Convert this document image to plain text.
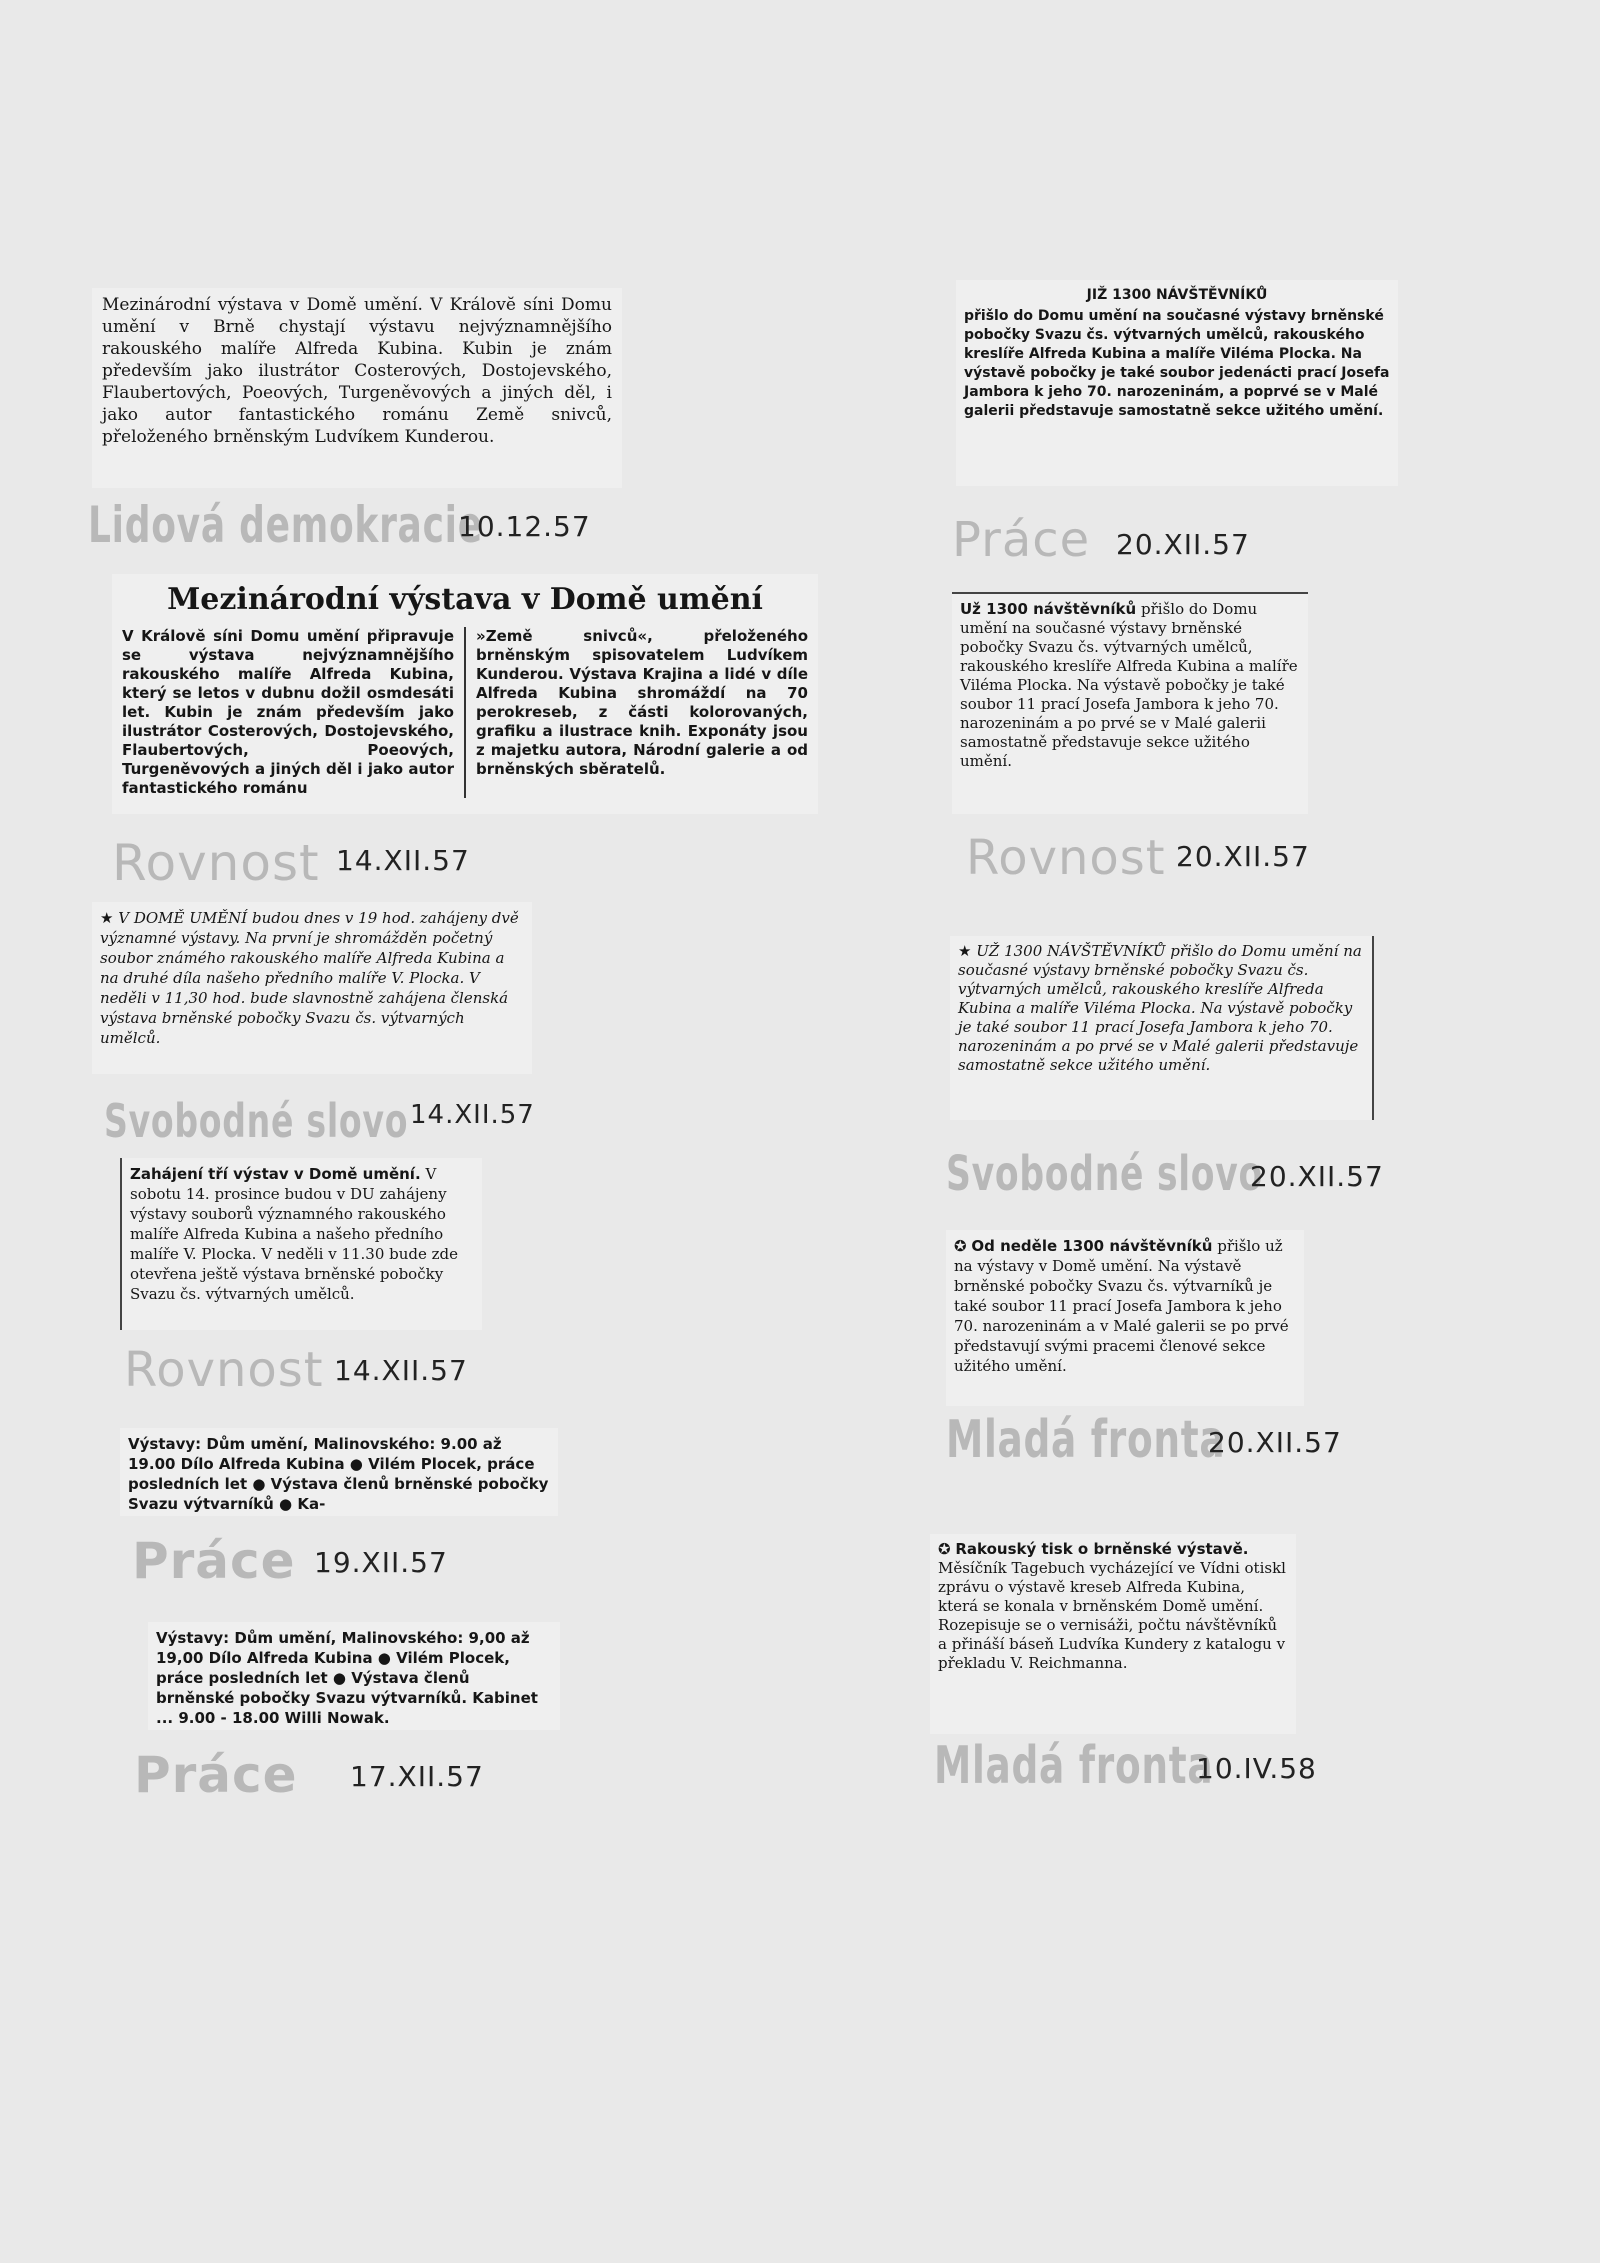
Mezinárodní výstava v Domě umění. V Královĕ síni Domu umění v Brně chystají výstavu nejvýznamnějšího rakouského malíře Alfreda Kubina. Kubin je znám především jako ilustrátor Costerových, Dostojevského, Flaubertových, Poeových, Turgeněvových a jiných děl, i jako autor fantastického románu Země snivců, přeloženého brněnským Ludvíkem Kunderou.

Lidová demokracie
10.12.57
Mezinárodní výstava v Domě umění
V Královĕ síni Domu umění připravuje se výstava nejvýznamnějšího rakouského malíře Alfreda Kubina, který se letos v dubnu dožil osmdesáti let. Kubin je znám především jako ilustrátor Costerových, Dostojevského, Flaubertových, Poeových, Turgeněvových a jiných děl i jako autor fantastického románu
»Země snivců«, přeloženého brněnským spisovatelem Ludvíkem Kunderou. Výstava Krajina a lidé v díle Alfreda Kubina shromáždí na 70 perokreseb, z části kolorovaných, grafiku a ilustrace knih. Exponáty jsou z majetku autora, Národní galerie a od brněnských sběratelů.
Rovnost 14.XII.57

★ V DOMĚ UMĚNÍ budou dnes v 19 hod. zahájeny dvě významné výstavy. Na první je shromážděn početný soubor známého rakouského malíře Alfreda Kubina a na druhé díla našeho předního malíře V. Plocka. V neděli v 11,30 hod. bude slavnostně zahájena členská výstava brněnské pobočky Svazu čs. výtvarných umělců.

Svobodné slovo 14.XII.57

Zahájení tří výstav v Domě umění. V sobotu 14. prosince budou v DU zahájeny výstavy souborů významného rakouského malíře Alfreda Kubina a našeho předního malíře V. Plocka. V neděli v 11.30 bude zde otevřena ještě výstava brněnské pobočky Svazu čs. výtvarných umělců.

Rovnost 14.XII.57

Výstavy: Dům umění, Malinovského: 9.00 až 19.00 Dílo Alfreda Kubina ● Vilém Plocek, práce posledních let ● Výstava členů brněnské pobočky Svazu výtvarníků ● Ka-

Práce 19.XII.57

Výstavy: Dům umění, Malinovského: 9,00 až 19,00 Dílo Alfreda Kubina ● Vilém Plocek, práce posledních let ● Výstava členů brněnské pobočky Svazu výtvarníků. Kabinet ... 9.00 - 18.00 Willi Nowak.

Práce 17.XII.57
JIŽ 1300 NÁVŠTĚVNÍKŮ

přišlo do Domu umění na současné výstavy brněnské pobočky Svazu čs. výtvarných umělců, rakouského kreslíře Alfreda Kubina a malíře Viléma Plocka. Na výstavě pobočky je také soubor jedenácti prací Josefa Jambora k jeho 70. narozeninám, a poprvé se v Malé galerii představuje samostatně sekce užitého umění.

Práce 20.XII.57

Už 1300 návštěvníků přišlo do Domu umění na současné výstavy brněnské pobočky Svazu čs. výtvarných umělců, rakouského kreslíře Alfreda Kubina a malíře Viléma Plocka. Na výstavě pobočky je také soubor 11 prací Josefa Jambora k jeho 70. narozeninám a po prvé se v Malé galerii samostatně představuje sekce užitého umění.

Rovnost 20.XII.57

★ UŽ 1300 NÁVŠTĚVNÍKŮ přišlo do Domu umění na současné výstavy brněnské pobočky Svazu čs. výtvarných umělců, rakouského kreslíře Alfreda Kubina a malíře Viléma Plocka. Na výstavě pobočky je také soubor 11 prací Josefa Jambora k jeho 70. narozeninám a po prvé se v Malé galerii představuje samostatně sekce užitého umění.

Svobodné slovo
20.XII.57

✪ Od neděle 1300 návštěvníků přišlo už na výstavy v Domě umění. Na výstavě brněnské pobočky Svazu čs. výtvarníků je také soubor 11 prací Josefa Jambora k jeho 70. narozeninám a v Malé galerii se po prvé představují svými pracemi členové sekce užitého umění.

Mladá fronta
20.XII.57

✪ Rakouský tisk o brněnské výstavě. Měsíčník Tagebuch vycházející ve Vídni otiskl zprávu o výstavě kreseb Alfreda Kubina, která se konala v brněnském Domě umění. Rozepisuje se o vernisáži, počtu návštěvníků a přináší báseň Ludvíka Kundery z katalogu v překladu V. Reichmanna.

Mladá fronta
10.IV.58
